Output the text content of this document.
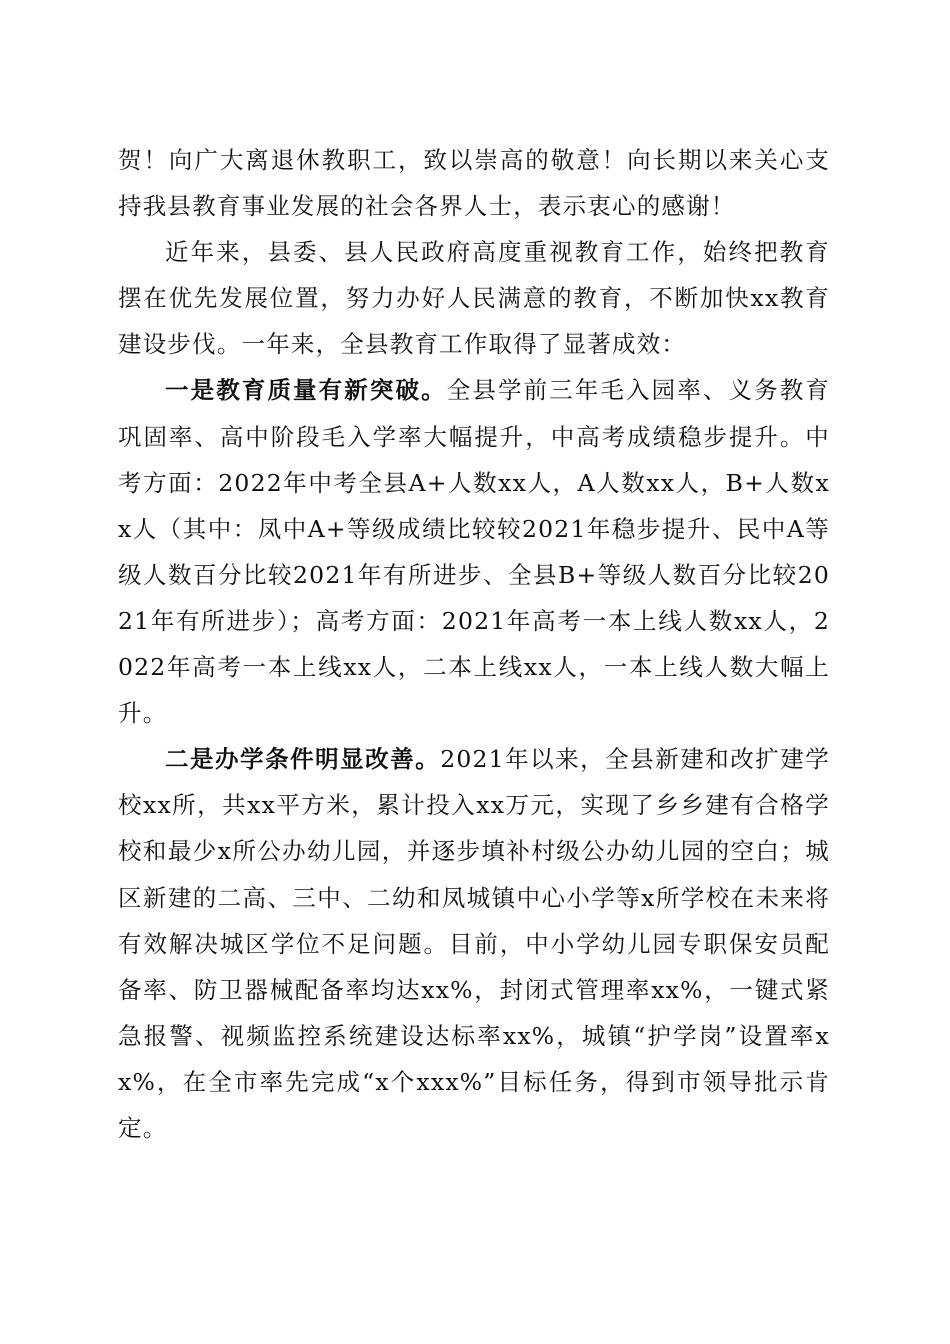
贺！向广大离退休教职工，致以崇高的敬意！向长期以来关心支持我县教育事业发展的社会各界人士，表示衷心的感谢！

近年来，县委、县人民政府高度重视教育工作，始终把教育摆在优先发展位置，努力办好人民满意的教育，不断加快xx教育建设步伐。一年来，全县教育工作取得了显著成效：

一是教育质量有新突破。全县学前三年毛入园率、义务教育巩固率、高中阶段毛入学率大幅提升，中高考成绩稳步提升。中考方面：2022年中考全县A+人数xx人，A人数xx人，B+人数xx人（其中：凤中A+等级成绩比较较2021年稳步提升、民中A等级人数百分比较2021年有所进步、全县B+等级人数百分比较2021年有所进步）；高考方面：2021年高考一本上线人数xx人，2022年高考一本上线xx人，二本上线xx人，一本上线人数大幅上升。

二是办学条件明显改善。2021年以来，全县新建和改扩建学校xx所，共xx平方米，累计投入xx万元，实现了乡乡建有合格学校和最少x所公办幼儿园，并逐步填补村级公办幼儿园的空白；城区新建的二高、三中、二幼和凤城镇中心小学等x所学校在未来将有效解决城区学位不足问题。目前，中小学幼儿园专职保安员配备率、防卫器械配备率均达xx%，封闭式管理率xx%，一键式紧急报警、视频监控系统建设达标率xx%，城镇“护学岗”设置率xx%，在全市率先完成“x个xxx%”目标任务，得到市领导批示肯定。
